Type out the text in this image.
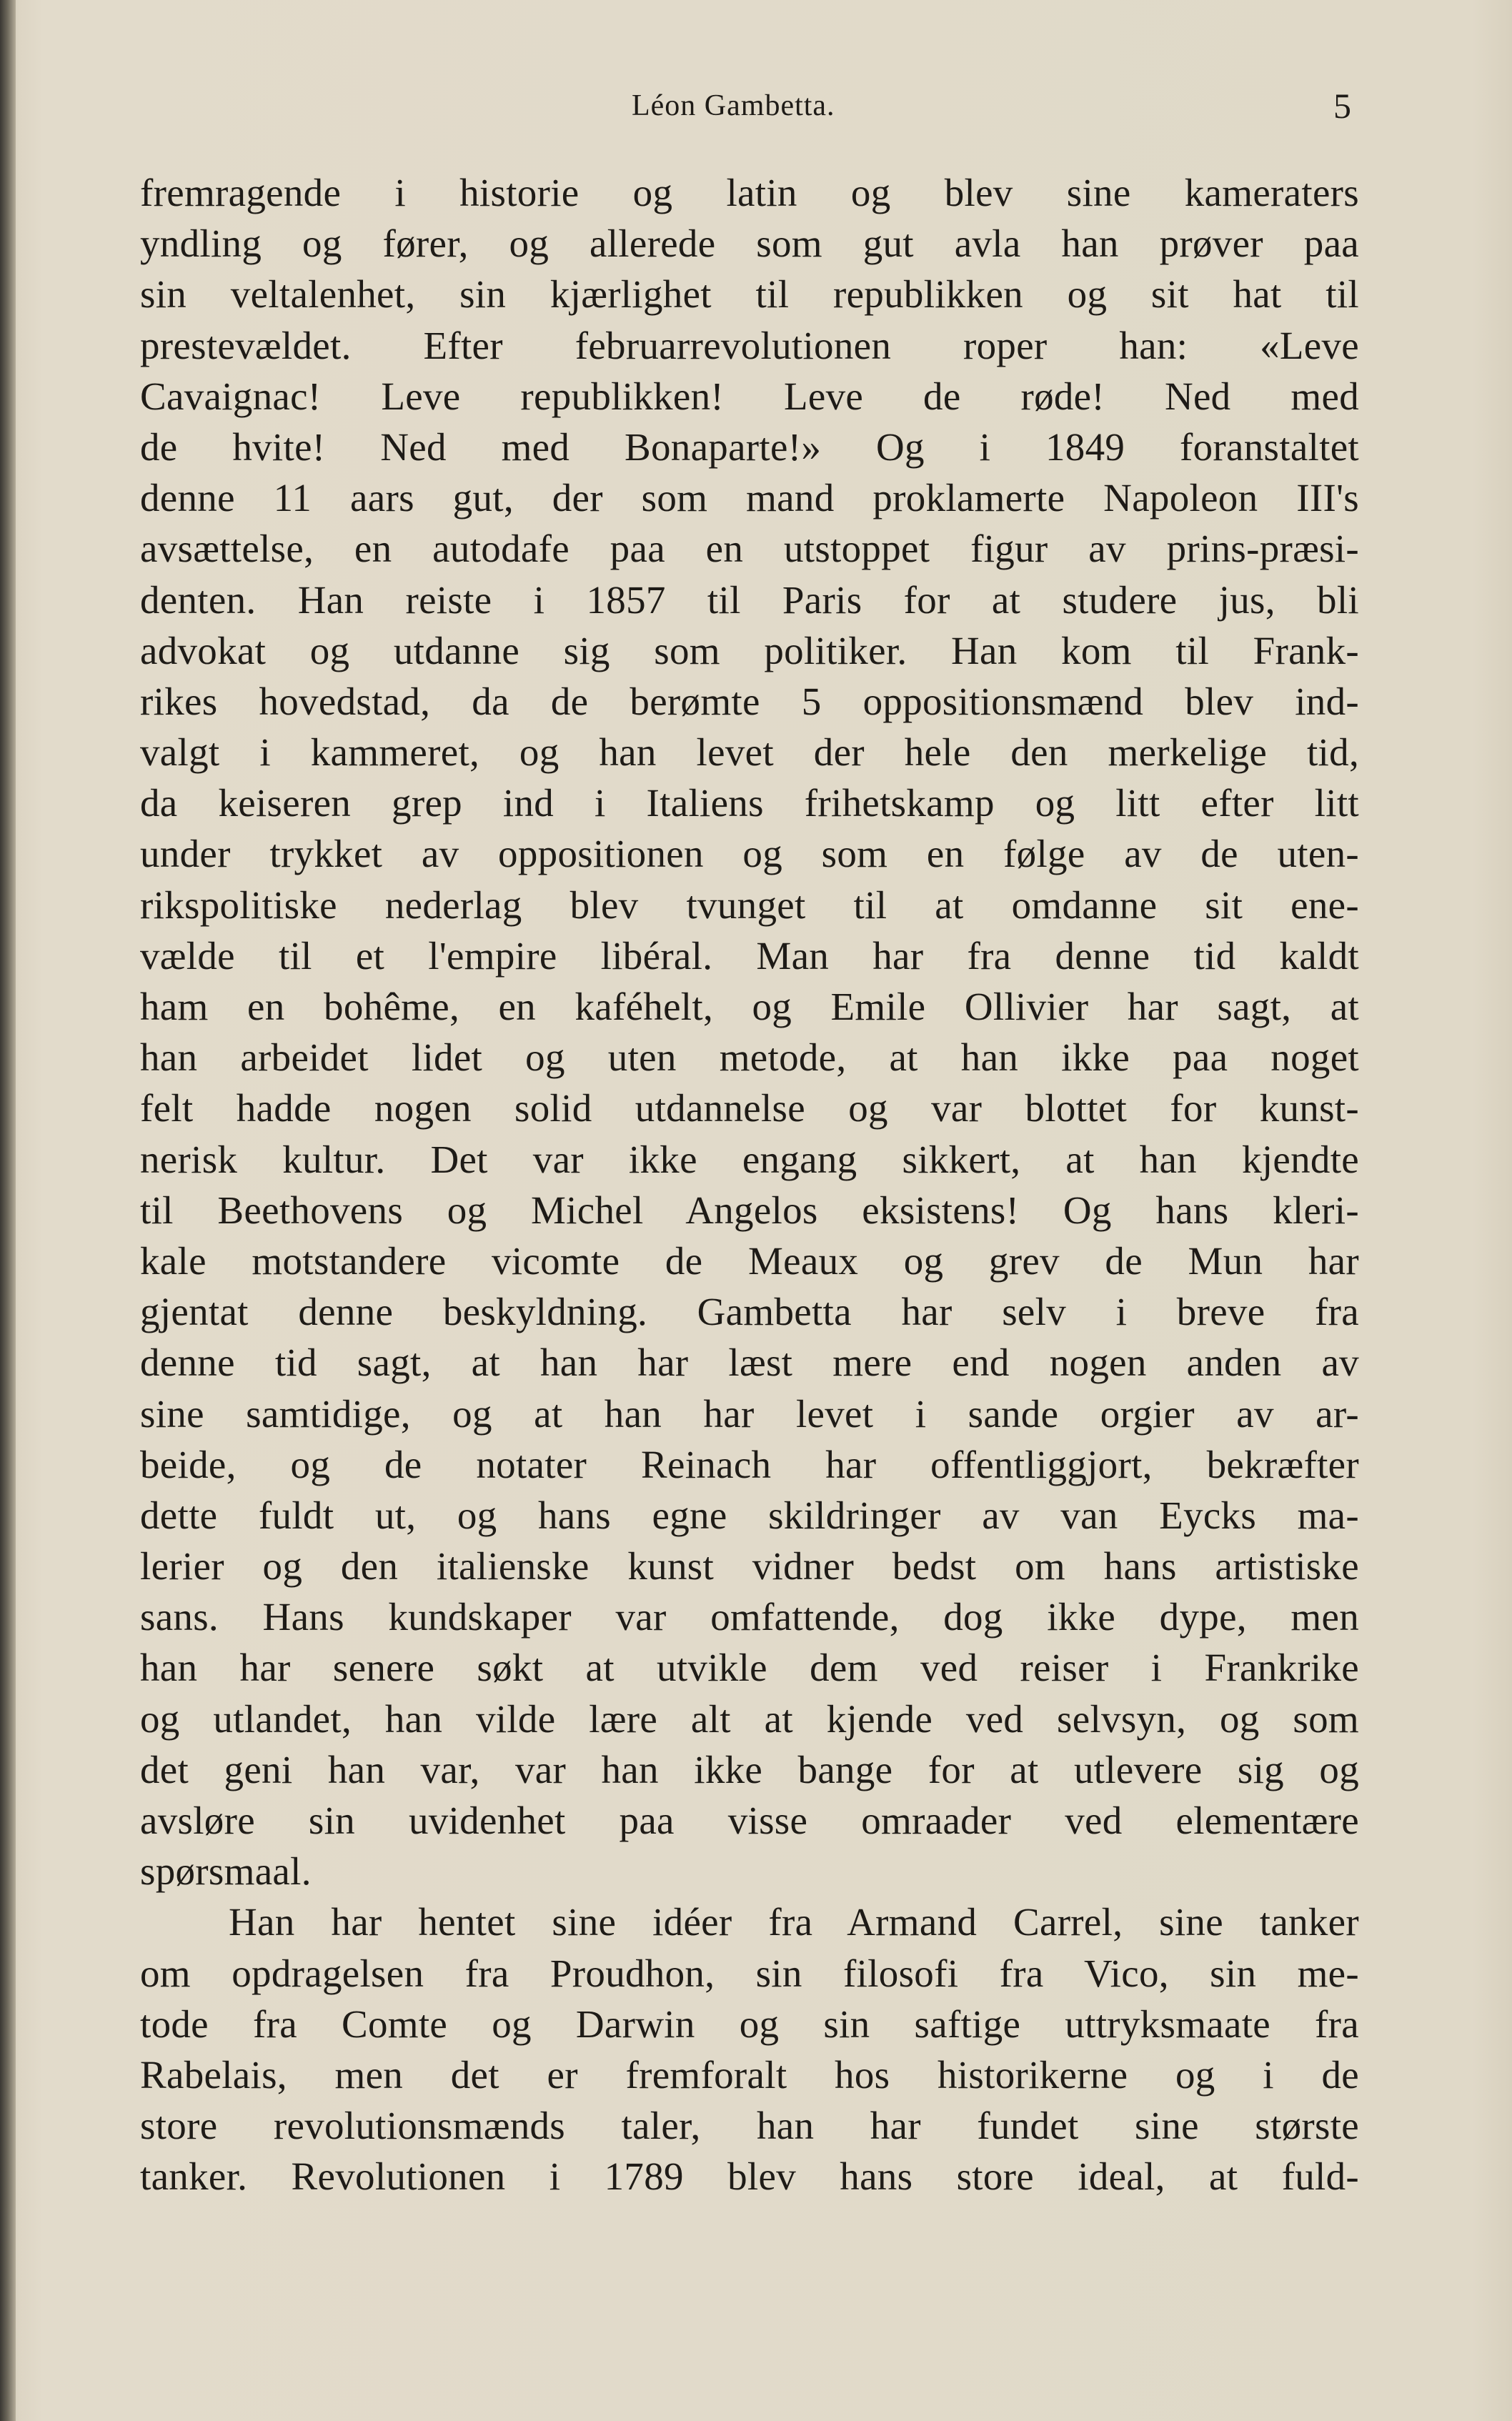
Léon Gambetta.	5
fremragende i historie og latin og blev sine kameraters
yndling og fører, og allerede som gut avla han prøver paa
sin veltalenhet, sin kjærlighet til republikken og sit hat til
prestevældet. Efter februarrevolutionen roper han: «Leve
Cavaignac! Leve republikken! Leve de røde! Ned med
de hvite! Ned med Bonaparte!» Og i 1849 foranstaltet
denne 11 aars gut, der som mand proklamerte Napoleon III's
avsættelse, en autodafe paa en utstoppet figur av prins-præsi-
denten. Han reiste i 1857 til Paris for at studere jus, bli
advokat og utdanne sig som politiker. Han kom til Frank-
rikes hovedstad, da de berømte 5 oppositionsmænd blev ind-
valgt i kammeret, og han levet der hele den merkelige tid,
da keiseren grep ind i Italiens frihetskamp og litt efter litt
under trykket av oppositionen og som en følge av de uten-
rikspolitiske nederlag blev tvunget til at omdanne sit ene-
vælde til et l'empire libéral. Man har fra denne tid kaldt
ham en bohême, en kaféhelt, og Emile Ollivier har sagt, at
han arbeidet lidet og uten metode, at han ikke paa noget
felt hadde nogen solid utdannelse og var blottet for kunst-
nerisk kultur. Det var ikke engang sikkert, at han kjendte
til Beethovens og Michel Angelos eksistens! Og hans kleri-
kale motstandere vicomte de Meaux og grev de Mun har
gjentat denne beskyldning. Gambetta har selv i breve fra
denne tid sagt, at han har læst mere end nogen anden av
sine samtidige, og at han har levet i sande orgier av ar-
beide, og de notater Reinach har offentliggjort, bekræfter
dette fuldt ut, og hans egne skildringer av van Eycks ma-
lerier og den italienske kunst vidner bedst om hans artistiske
sans. Hans kundskaper var omfattende, dog ikke dype, men
han har senere søkt at utvikle dem ved reiser i Frankrike
og utlandet, han vilde lære alt at kjende ved selvsyn, og som
det geni han var, var han ikke bange for at utlevere sig og
avsløre sin uvidenhet paa visse omraader ved elementære
spørsmaal.
Han har hentet sine idéer fra Armand Carrel, sine tanker
om opdragelsen fra Proudhon, sin filosofi fra Vico, sin me-
tode fra Comte og Darwin og sin saftige uttryksmaate fra
Rabelais, men det er fremforalt hos historikerne og i de
store revolutionsmænds taler, han har fundet sine største
tanker. Revolutionen i 1789 blev hans store ideal, at fuld-
